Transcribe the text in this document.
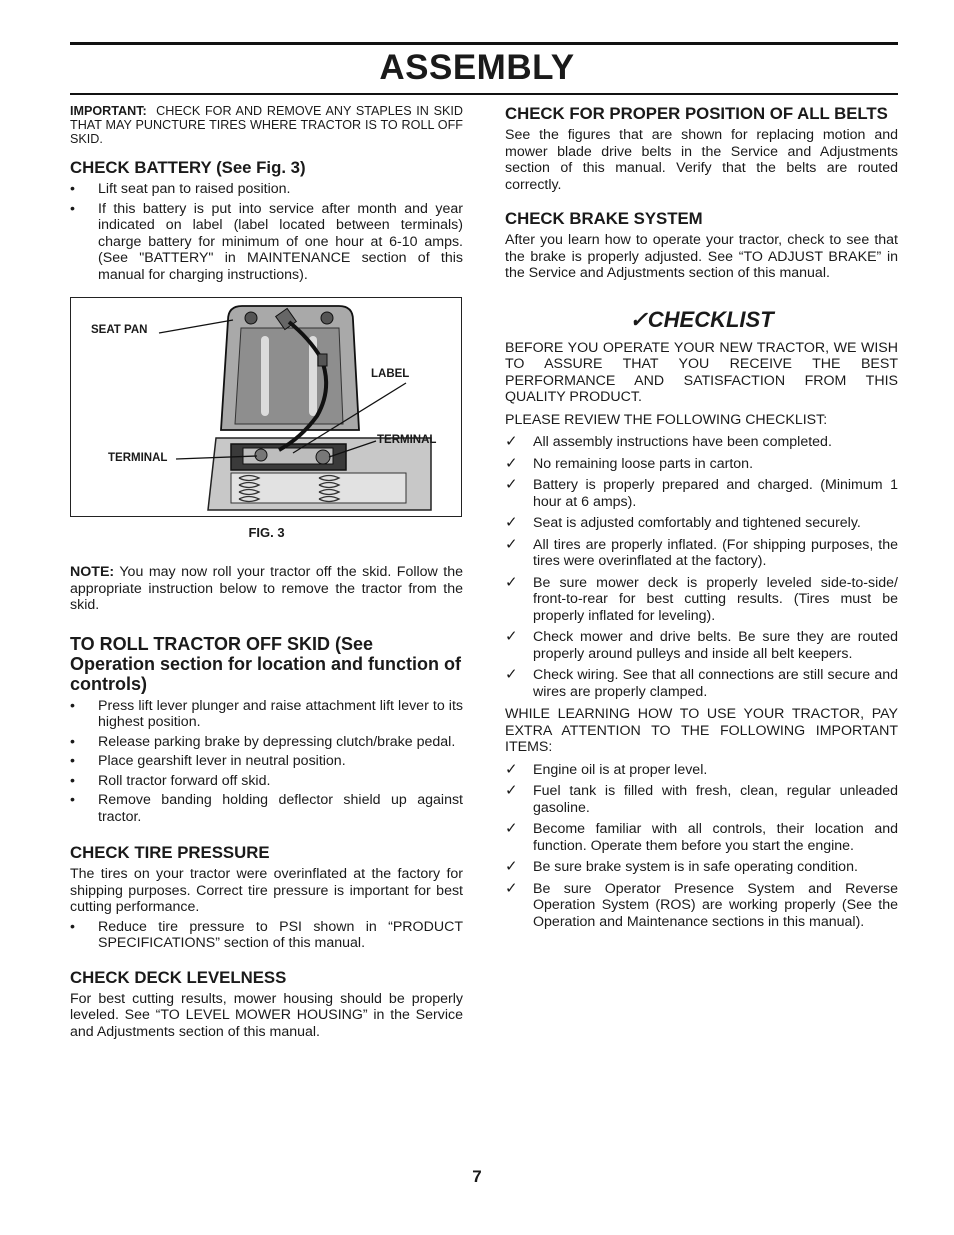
ASSEMBLY

IMPORTANT: CHECK FOR AND REMOVE ANY STAPLES IN SKID THAT MAY PUNCTURE TIRES WHERE TRACTOR IS TO ROLL OFF SKID.

CHECK BATTERY (See Fig. 3)
• Lift seat pan to raised position.
• If this battery is put into service after month and year indicated on label (label located between terminals) charge battery for minimum of one hour at 6-10 amps. (See "BATTERY" in MAINTENANCE section of this manual for charging instructions).
SEAT PAN
LABEL
TERMINAL
TERMINAL
FIG. 3

NOTE: You may now roll your tractor off the skid. Follow the appropriate instruction below to remove the tractor from the skid.

TO ROLL TRACTOR OFF SKID (See Operation section for location and function of controls)
• Press lift lever plunger and raise attachment lift lever to its highest position.
• Release parking brake by depressing clutch/brake pedal.
• Place gearshift lever in neutral position.
• Roll tractor forward off skid.
• Remove banding holding deflector shield up against tractor.
CHECK TIRE PRESSURE

The tires on your tractor were overinflated at the factory for shipping purposes. Correct tire pressure is important for best cutting performance.

• Reduce tire pressure to PSI shown in “PRODUCT SPECIFICATIONS” section of this manual.
CHECK DECK LEVELNESS

For best cutting results, mower housing should be properly leveled. See “TO LEVEL MOWER HOUSING” in the Service and Adjustments section of this manual.

CHECK FOR PROPER POSITION OF ALL BELTS

See the figures that are shown for replacing motion and mower blade drive belts in the Service and Adjustments section of this manual. Verify that the belts are routed correctly.

CHECK BRAKE SYSTEM

After you learn how to operate your tractor, check to see that the brake is properly adjusted. See “TO ADJUST BRAKE” in the Service and Adjustments section of this manual.

✓CHECKLIST

BEFORE YOU OPERATE YOUR NEW TRACTOR, WE WISH TO ASSURE THAT YOU RECEIVE THE BEST PERFORMANCE AND SATISFACTION FROM THIS QUALITY PRODUCT.

PLEASE REVIEW THE FOLLOWING CHECKLIST:

✓ All assembly instructions have been completed.
✓ No remaining loose parts in carton.
✓ Battery is properly prepared and charged. (Minimum 1 hour at 6 amps).
✓ Seat is adjusted comfortably and tightened securely.
✓ All tires are properly inflated. (For shipping purposes, the tires were overinflated at the factory).
✓ Be sure mower deck is properly leveled side-to-side/ front-to-rear for best cutting results. (Tires must be properly inflated for leveling).
✓ Check mower and drive belts. Be sure they are routed properly around pulleys and inside all belt keepers.
✓ Check wiring. See that all connections are still secure and wires are properly clamped.

WHILE LEARNING HOW TO USE YOUR TRACTOR, PAY EXTRA ATTENTION TO THE FOLLOWING IMPORTANT ITEMS:

✓ Engine oil is at proper level.
✓ Fuel tank is filled with fresh, clean, regular unleaded gasoline.
✓ Become familiar with all controls, their location and function. Operate them before you start the engine.
✓ Be sure brake system is in safe operating condition.
✓ Be sure Operator Presence System and Reverse Operation System (ROS) are working properly (See the Operation and Maintenance sections in this manual).
7
